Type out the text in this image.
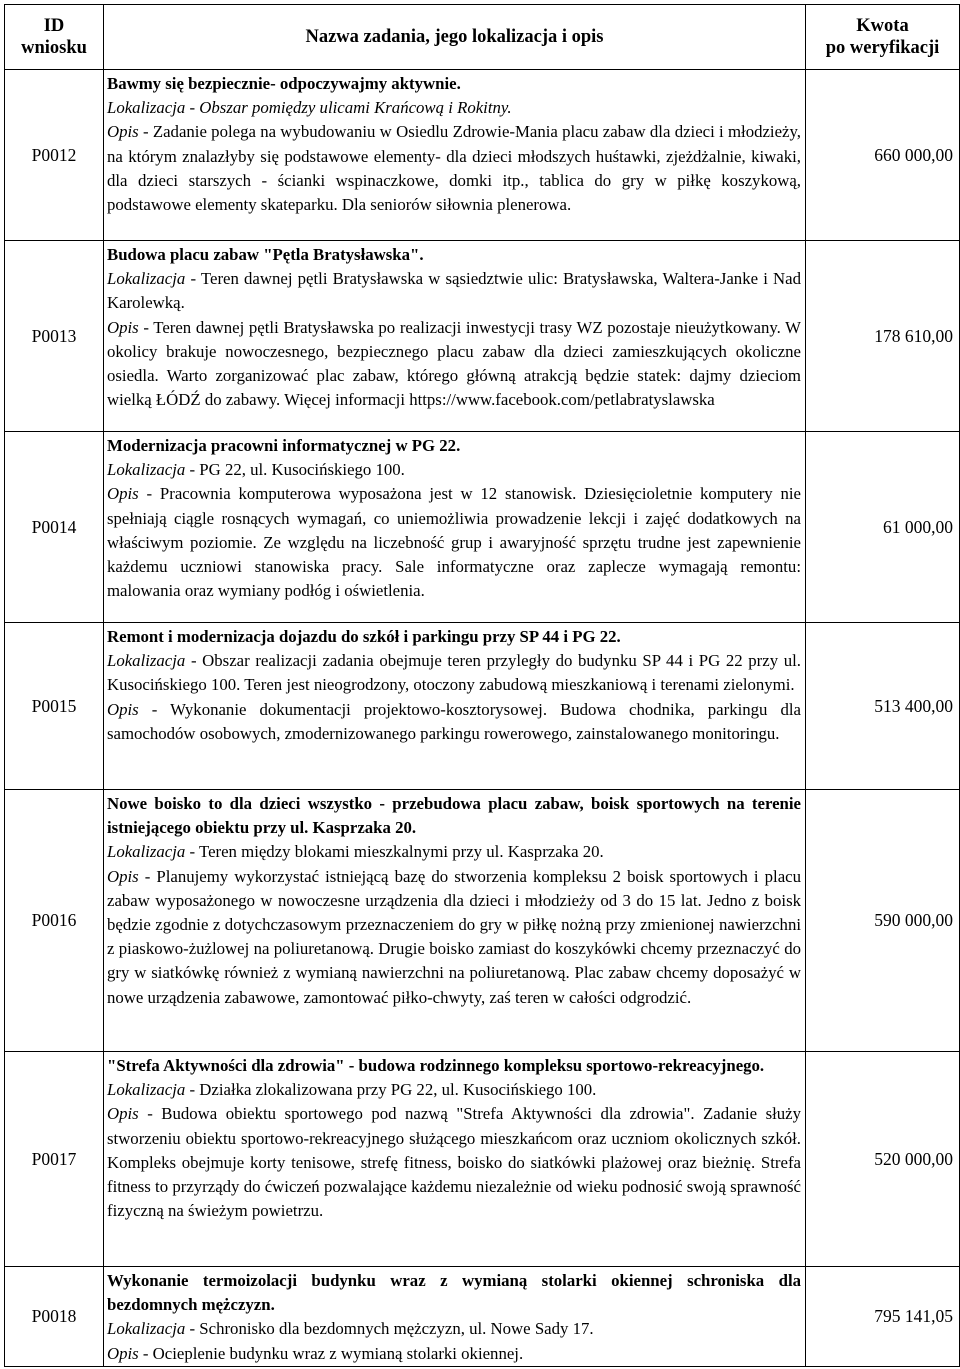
ID
wniosku	Nazwa zadania, jego lokalizacja i opis	Kwota
po weryfikacji
P0012	Bawmy się bezpiecznie- odpoczywajmy aktywnie.

Lokalizacja - Obszar pomiędzy ulicami Krańcową i Rokitny.

Opis - Zadanie polega na wybudowaniu w Osiedlu Zdrowie-Mania placu zabaw dla dzieci i młodzieży, na którym znalazłyby się podstawowe elementy- dla dzieci młodszych huśtawki, zjeżdżalnie, kiwaki, dla dzieci starszych - ścianki wspinaczkowe, domki itp., tablica do gry w piłkę koszykową, podstawowe elementy skateparku. Dla seniorów siłownia plenerowa.	660 000,00
P0013	Budowa placu zabaw "Pętla Bratysławska".

Lokalizacja - Teren dawnej pętli Bratysławska w sąsiedztwie ulic: Bratysławska, Waltera-Janke i Nad Karolewką.

Opis - Teren dawnej pętli Bratysławska po realizacji inwestycji trasy WZ pozostaje nieużytkowany. W okolicy brakuje nowoczesnego, bezpiecznego placu zabaw dla dzieci zamieszkujących okoliczne osiedla. Warto zorganizować plac zabaw, którego główną atrakcją będzie statek: dajmy dzieciom wielką ŁÓDŹ do zabawy. Więcej informacji https://www.facebook.com/petlabratyslawska	178 610,00
P0014	Modernizacja pracowni informatycznej w PG 22.

Lokalizacja - PG 22, ul. Kusocińskiego 100.

Opis - Pracownia komputerowa wyposażona jest w 12 stanowisk. Dziesięcioletnie komputery nie spełniają ciągle rosnących wymagań, co uniemożliwia prowadzenie lekcji i zajęć dodatkowych na właściwym poziomie. Ze względu na liczebność grup i awaryjność sprzętu trudne jest zapewnienie każdemu uczniowi stanowiska pracy. Sale informatyczne oraz zaplecze wymagają remontu: malowania oraz wymiany podłóg i oświetlenia.	61 000,00
P0015	Remont i modernizacja dojazdu do szkół i parkingu przy SP 44 i PG 22.

Lokalizacja - Obszar realizacji zadania obejmuje teren przyległy do budynku SP 44 i PG 22 przy ul. Kusocińskiego 100. Teren jest nieogrodzony, otoczony zabudową mieszkaniową i terenami zielonymi.

Opis - Wykonanie dokumentacji projektowo-kosztorysowej. Budowa chodnika, parkingu dla samochodów osobowych, zmodernizowanego parkingu rowerowego, zainstalowanego monitoringu.	513 400,00
P0016	Nowe boisko to dla dzieci wszystko - przebudowa placu zabaw, boisk sportowych na terenie istniejącego obiektu przy ul. Kasprzaka 20.

Lokalizacja - Teren między blokami mieszkalnymi przy ul. Kasprzaka 20.

Opis - Planujemy wykorzystać istniejącą bazę do stworzenia kompleksu 2 boisk sportowych i placu zabaw wyposażonego w nowoczesne urządzenia dla dzieci i młodzieży od 3 do 15 lat. Jedno z boisk będzie zgodnie z dotychczasowym przeznaczeniem do gry w piłkę nożną przy zmienionej nawierzchni z piaskowo-żużlowej na poliuretanową. Drugie boisko zamiast do koszykówki chcemy przeznaczyć do gry w siatkówkę również z wymianą nawierzchni na poliuretanową. Plac zabaw chcemy doposażyć w nowe urządzenia zabawowe, zamontować piłko-chwyty, zaś teren w całości odgrodzić.	590 000,00
P0017	"Strefa Aktywności dla zdrowia" - budowa rodzinnego kompleksu sportowo-rekreacyjnego.

Lokalizacja - Działka zlokalizowana przy PG 22, ul. Kusocińskiego 100.

Opis - Budowa obiektu sportowego pod nazwą "Strefa Aktywności dla zdrowia". Zadanie służy stworzeniu obiektu sportowo-rekreacyjnego służącego mieszkańcom oraz uczniom okolicznych szkół. Kompleks obejmuje korty tenisowe, strefę fitness, boisko do siatkówki plażowej oraz bieżnię. Strefa fitness to przyrządy do ćwiczeń pozwalające każdemu niezależnie od wieku podnosić swoją sprawność fizyczną na świeżym powietrzu.	520 000,00
P0018	Wykonanie termoizolacji budynku wraz z wymianą stolarki okiennej schroniska dla bezdomnych mężczyzn.

Lokalizacja - Schronisko dla bezdomnych mężczyzn, ul. Nowe Sady 17.

Opis - Ocieplenie budynku wraz z wymianą stolarki okiennej.	795 141,05
